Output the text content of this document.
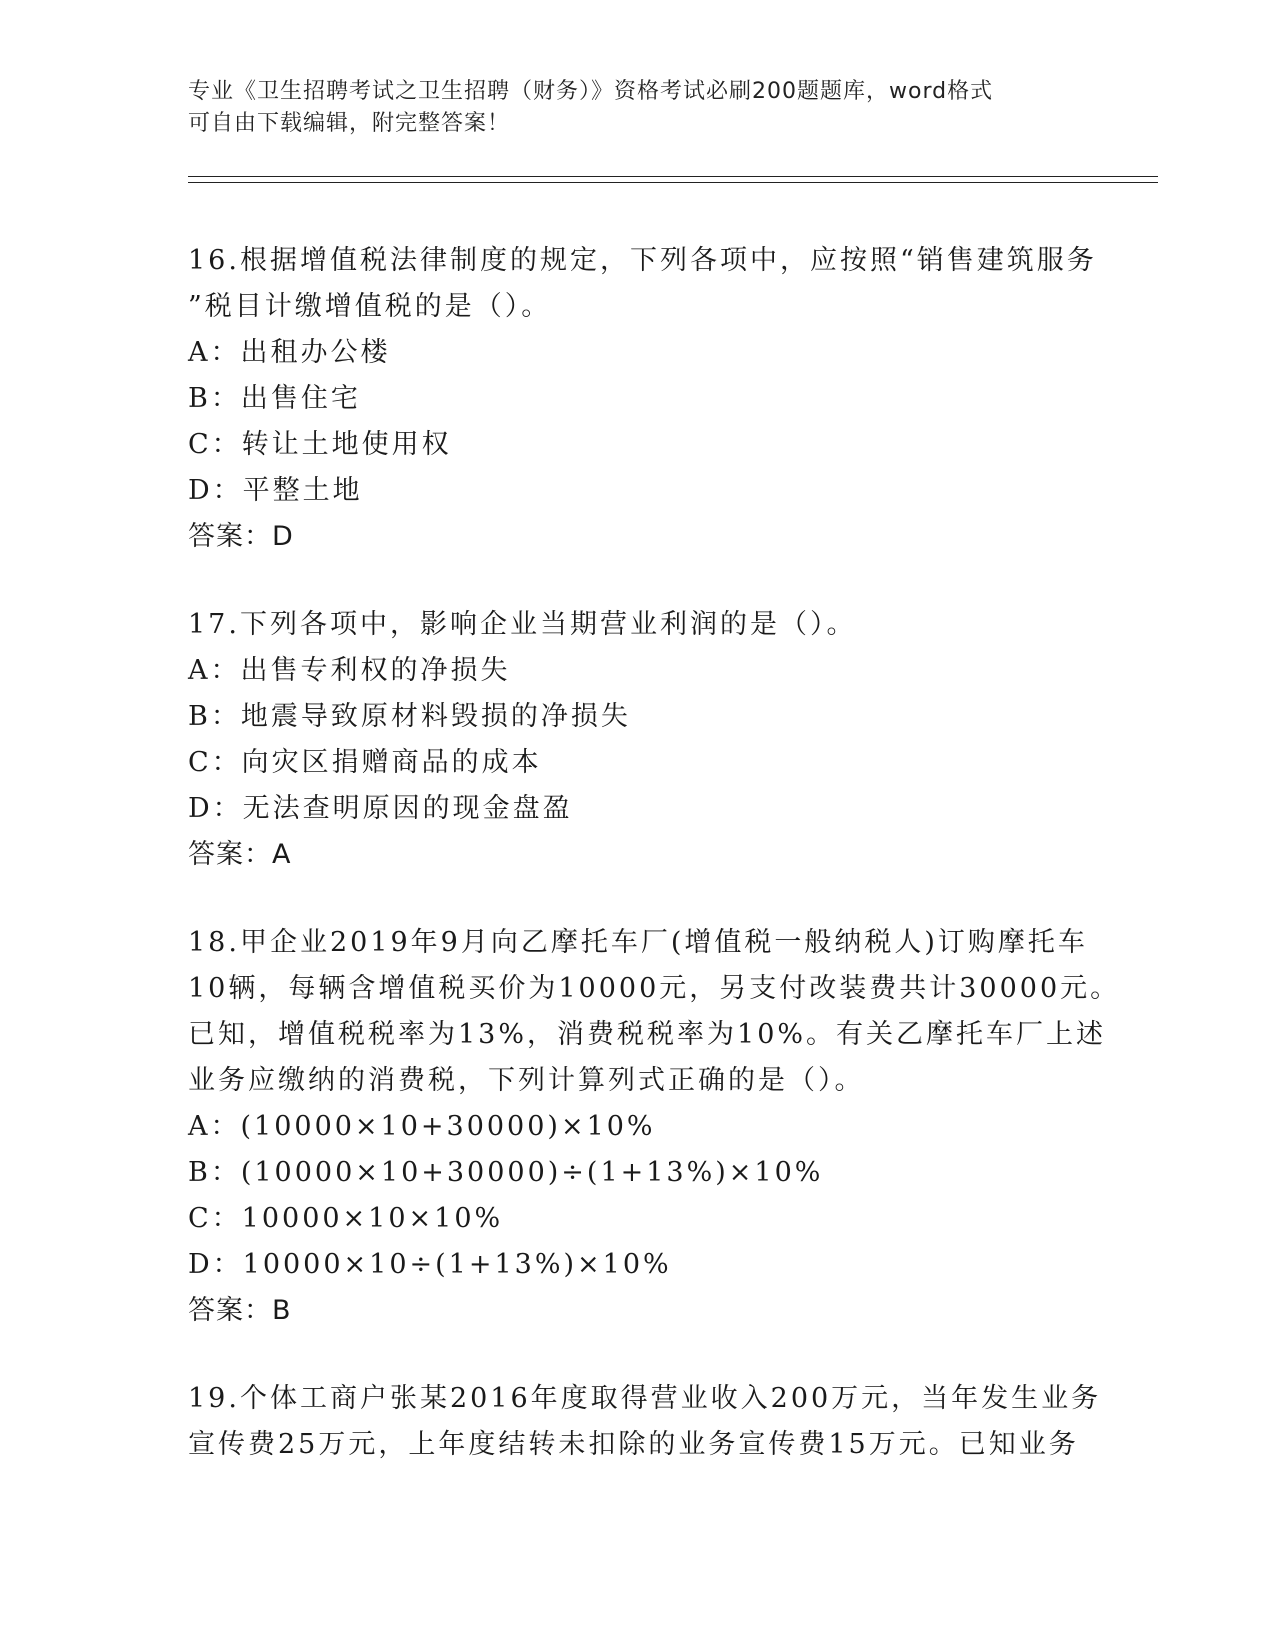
专业《卫生招聘考试之卫生招聘（财务）》资格考试必刷200题题库，word格式
可自由下载编辑，附完整答案！
16.根据增值税法律制度的规定，下列各项中，应按照“销售建筑服务
”税目计缴增值税的是（）。
A：出租办公楼
B：出售住宅
C：转让土地使用权
D：平整土地
答案：D
17.下列各项中，影响企业当期营业利润的是（）。
A：出售专利权的净损失
B：地震导致原材料毁损的净损失
C：向灾区捐赠商品的成本
D：无法查明原因的现金盘盈
答案：A
18.甲企业2019年9月向乙摩托车厂(增值税一般纳税人)订购摩托车
10辆，每辆含增值税买价为10000元，另支付改装费共计30000元。
已知，增值税税率为13%，消费税税率为10%。有关乙摩托车厂上述
业务应缴纳的消费税，下列计算列式正确的是（）。
A：(10000×10+30000)×10%
B：(10000×10+30000)÷(1+13%)×10%
C：10000×10×10%
D：10000×10÷(1+13%)×10%
答案：B
19.个体工商户张某2016年度取得营业收入200万元，当年发生业务
宣传费25万元，上年度结转未扣除的业务宣传费15万元。已知业务
